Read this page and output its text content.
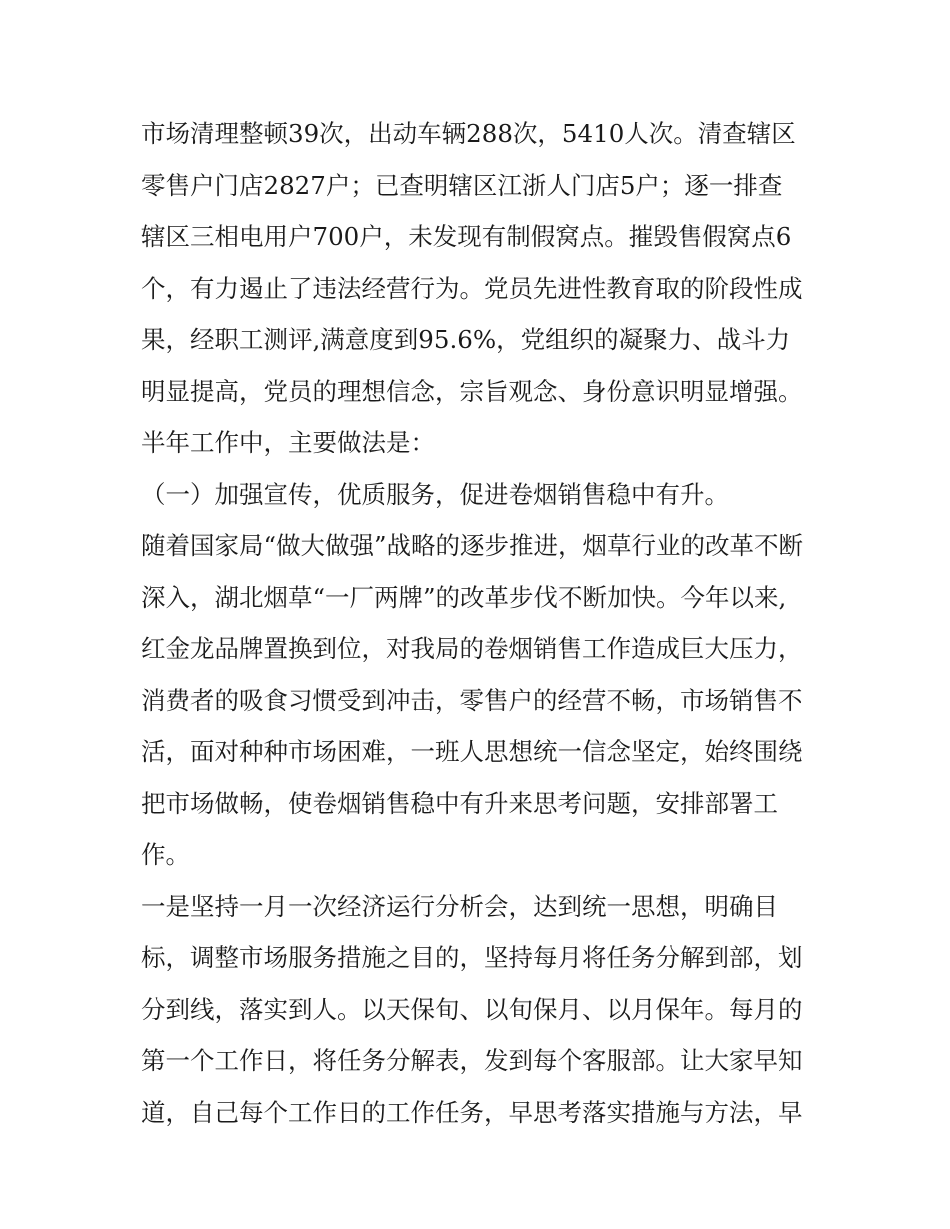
市场清理整顿39次，出动车辆288次，5410人次。清查辖区
零售户门店2827户；已查明辖区江浙人门店5户；逐一排查
辖区三相电用户700户，未发现有制假窝点。摧毁售假窝点6
个，有力遏止了违法经营行为。党员先进性教育取的阶段性成
果，经职工测评,满意度到95.6%，党组织的凝聚力、战斗力
明显提高，党员的理想信念，宗旨观念、身份意识明显增强。
半年工作中，主要做法是：
（一）加强宣传，优质服务，促进卷烟销售稳中有升。
随着国家局“做大做强”战略的逐步推进，烟草行业的改革不断
深入，湖北烟草“一厂两牌”的改革步伐不断加快。今年以来,
红金龙品牌置换到位，对我局的卷烟销售工作造成巨大压力，
消费者的吸食习惯受到冲击，零售户的经营不畅，市场销售不
活，面对种种市场困难，一班人思想统一信念坚定，始终围绕
把市场做畅，使卷烟销售稳中有升来思考问题，安排部署工
作。
一是坚持一月一次经济运行分析会，达到统一思想，明确目
标，调整市场服务措施之目的，坚持每月将任务分解到部，划
分到线，落实到人。以天保旬、以旬保月、以月保年。每月的
第一个工作日，将任务分解表，发到每个客服部。让大家早知
道，自己每个工作日的工作任务，早思考落实措施与方法，早
